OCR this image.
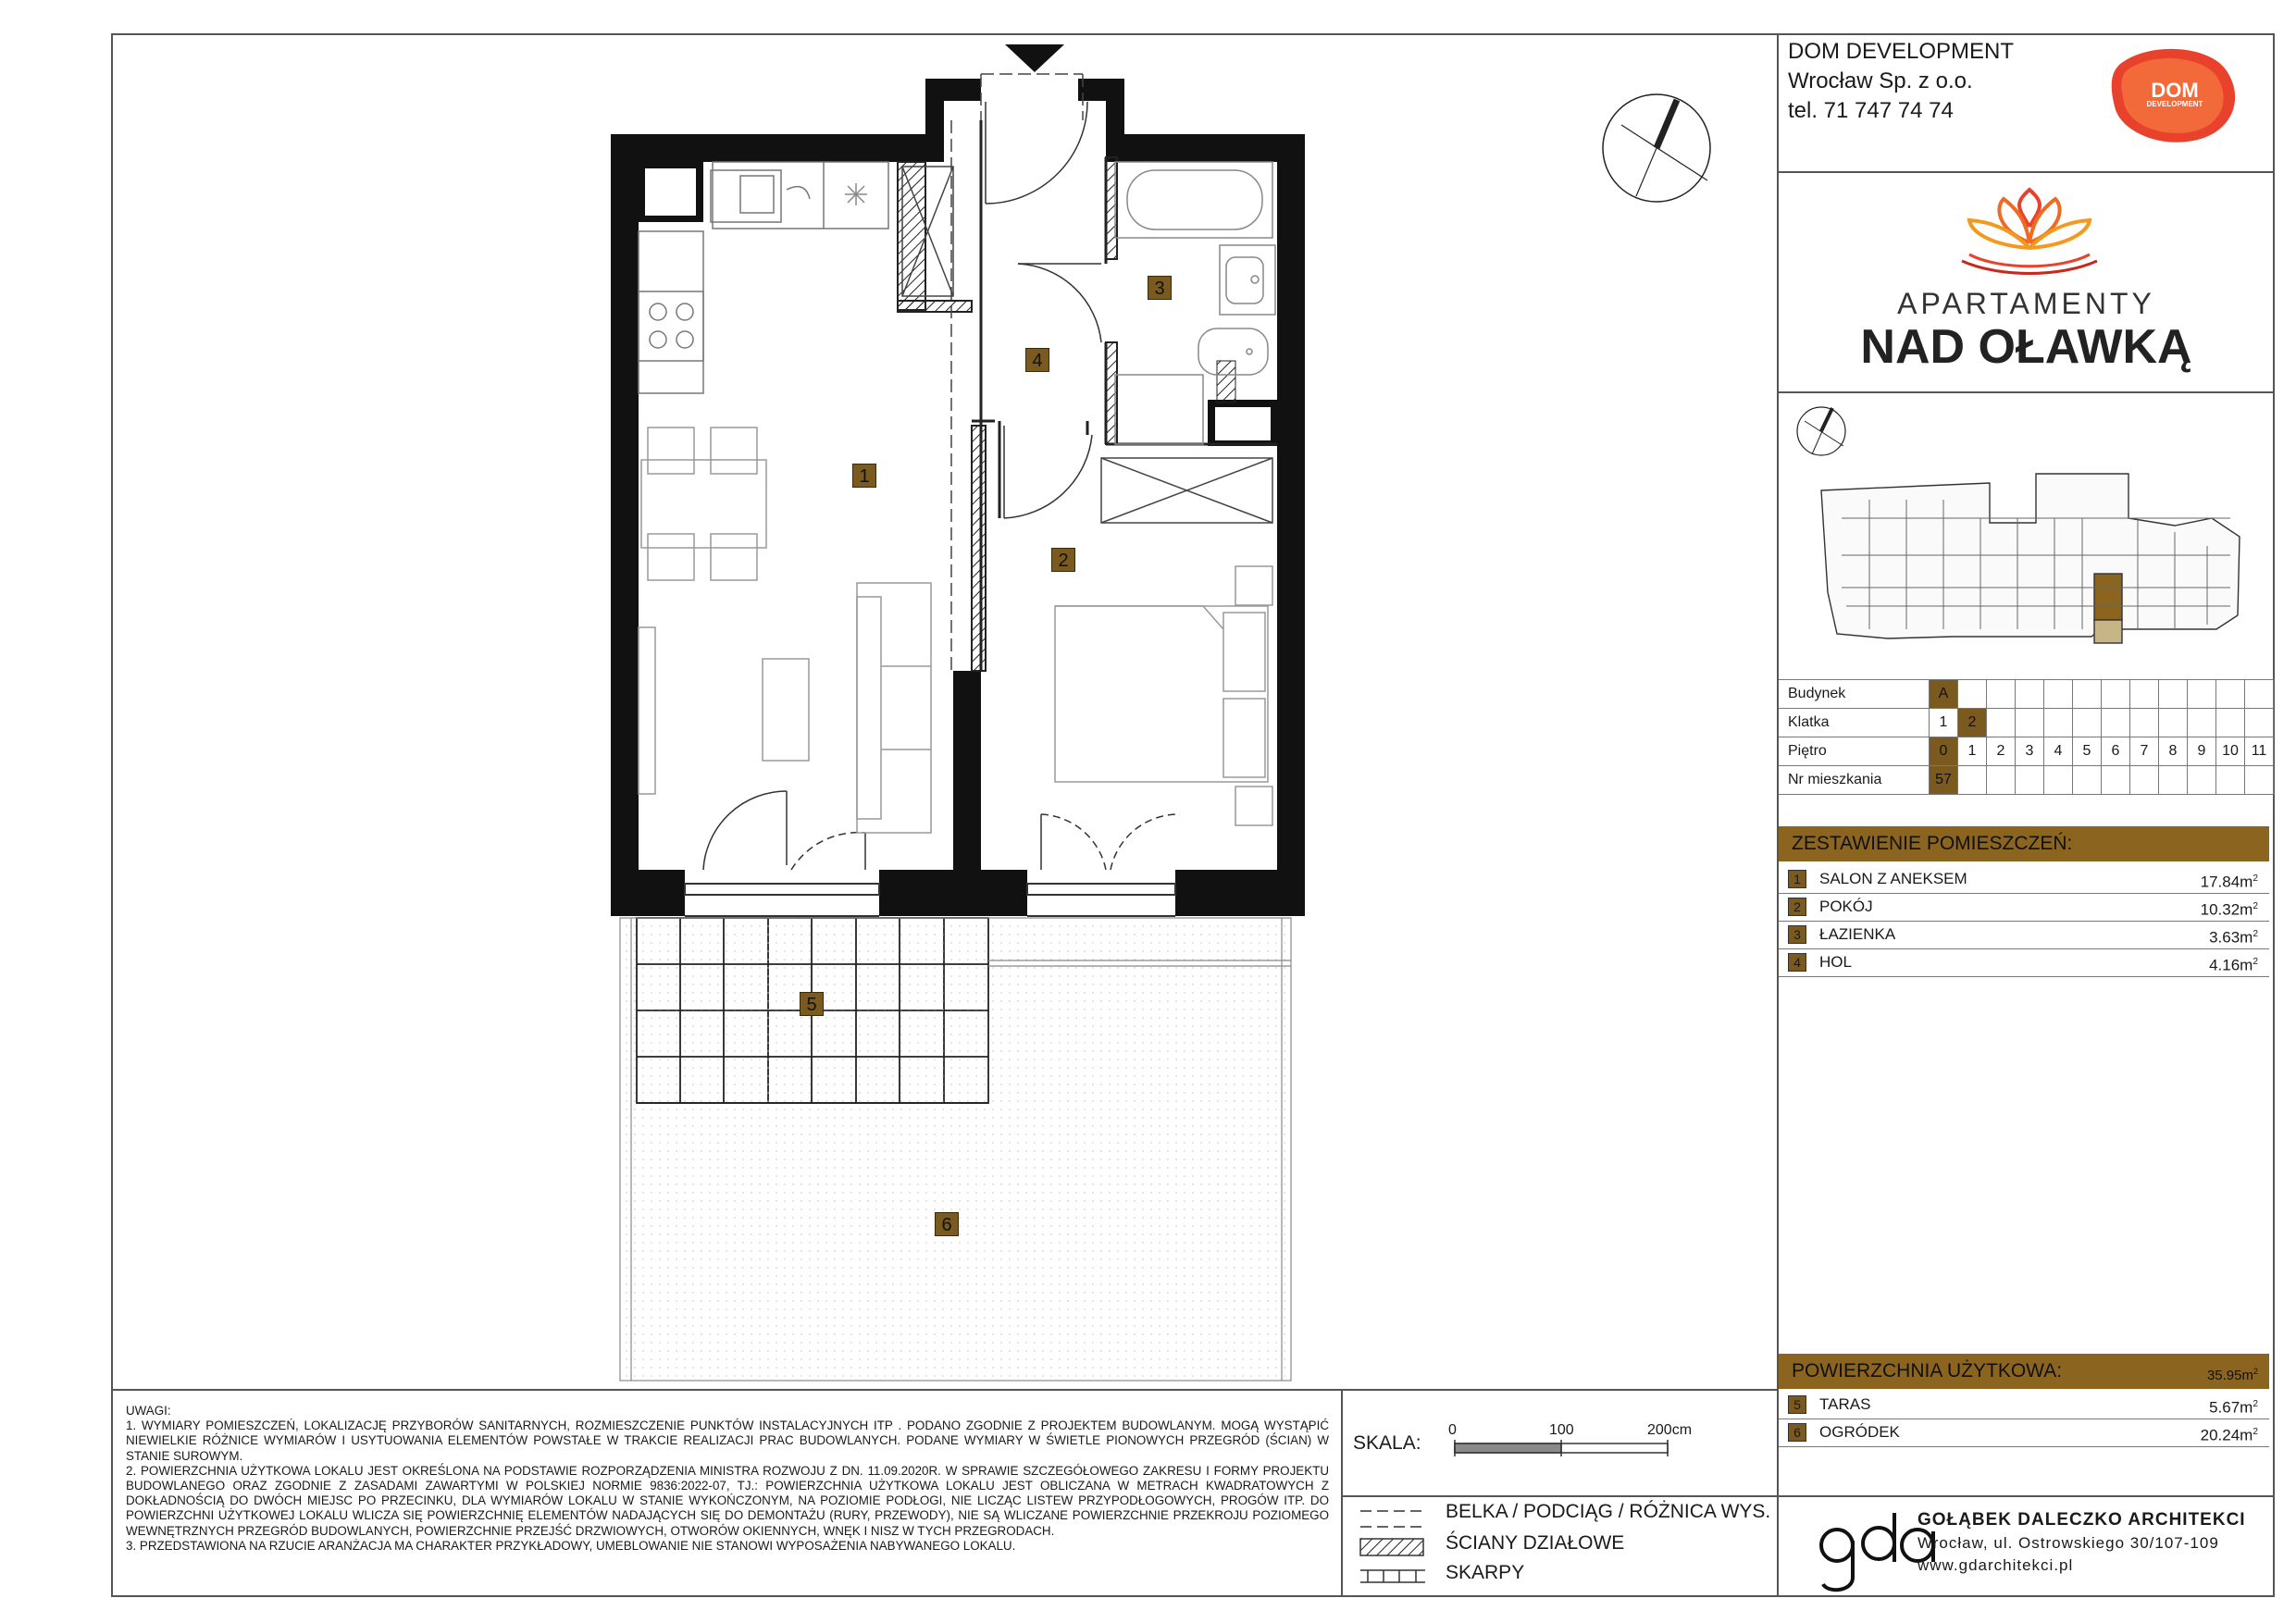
1
2
3
4
5
6
DOM DEVELOPMENT
Wrocław Sp. z o.o.
tel. 71 747 74 74
DOM
DEVELOPMENT
APARTAMENTY
NAD OŁAWKĄ
Budynek	A											
Klatka	1	2										
Piętro	0	1	2	3	4	5	6	7	8	9	10	11
Nr mieszkania	57											
ZESTAWIENIE POMIESZCZEŃ:
1	SALON Z ANEKSEM	$17.84m^2$
2	POKÓJ	$10.32m^2$
3	ŁAZIENKA	$3.63m^2$
4	HOL	$4.16m^2$
POWIERZCHNIA UŻYTKOWA:	$35.95m^2$
5	TARAS	$5.67m^2$
6	OGRÓDEK	$20.24m^2$
UWAGI:
1. WYMIARY POMIESZCZEŃ, LOKALIZACJĘ PRZYBORÓW SANITARNYCH, ROZMIESZCZENIE PUNKTÓW INSTALACYJNYCH ITP . PODANO ZGODNIE Z PROJEKTEM BUDOWLANYM. MOGĄ WYSTĄPIĆ NIEWIELKIE RÓŻNICE WYMIARÓW I USYTUOWANIA ELEMENTÓW POWSTAŁE W TRAKCIE REALIZACJI PRAC BUDOWLANYCH. PODANE WYMIARY W ŚWIETLE PIONOWYCH PRZEGRÓD (ŚCIAN) W STANIE SUROWYM.
2. POWIERZCHNIA UŻYTKOWA LOKALU JEST OKREŚLONA NA PODSTAWIE ROZPORZĄDZENIA MINISTRA ROZWOJU Z DN. 11.09.2020R. W SPRAWIE SZCZEGÓŁOWEGO ZAKRESU I FORMY PROJEKTU BUDOWLANEGO ORAZ ZGODNIE Z ZASADAMI ZAWARTYMI W POLSKIEJ NORMIE 9836:2022-07, TJ.: POWIERZCHNIA UŻYTKOWA LOKALU JEST OBLICZANA W METRACH KWADRATOWYCH Z DOKŁADNOŚCIĄ DO DWÓCH MIEJSC PO PRZECINKU, DLA WYMIARÓW LOKALU W STANIE WYKOŃCZONYM, NA POZIOMIE PODŁOGI, NIE LICZĄC LISTEW PRZYPODŁOGOWYCH, PROGÓW ITP. DO POWIERZCHNI UŻYTKOWEJ LOKALU WLICZA SIĘ POWIERZCHNIĘ ELEMENTÓW NADAJĄCYCH SIĘ DO DEMONTAŻU (RURY, PRZEWODY), NIE SĄ WLICZANE POWIERZCHNIE PRZEKROJU POZIOMEGO WEWNĘTRZNYCH PRZEGRÓD BUDOWLANYCH, POWIERZCHNIE PRZEJŚĆ DRZWIOWYCH, OTWORÓW OKIENNYCH, WNĘK I NISZ W TYCH PRZEGRODACH.
3. PRZEDSTAWIONA NA RZUCIE ARANŻACJA MA CHARAKTER PRZYKŁADOWY, UMEBLOWANIE NIE STANOWI WYPOSAŻENIA NABYWANEGO LOKALU.
SKALA:
0	100	200cm
BELKA / PODCIĄG / RÓŻNICA WYS.
ŚCIANY DZIAŁOWE
SKARPY
GOŁĄBEK DALECZKO ARCHITEKCI
Wrocław, ul. Ostrowskiego 30/107-109
www.gdarchitekci.pl
